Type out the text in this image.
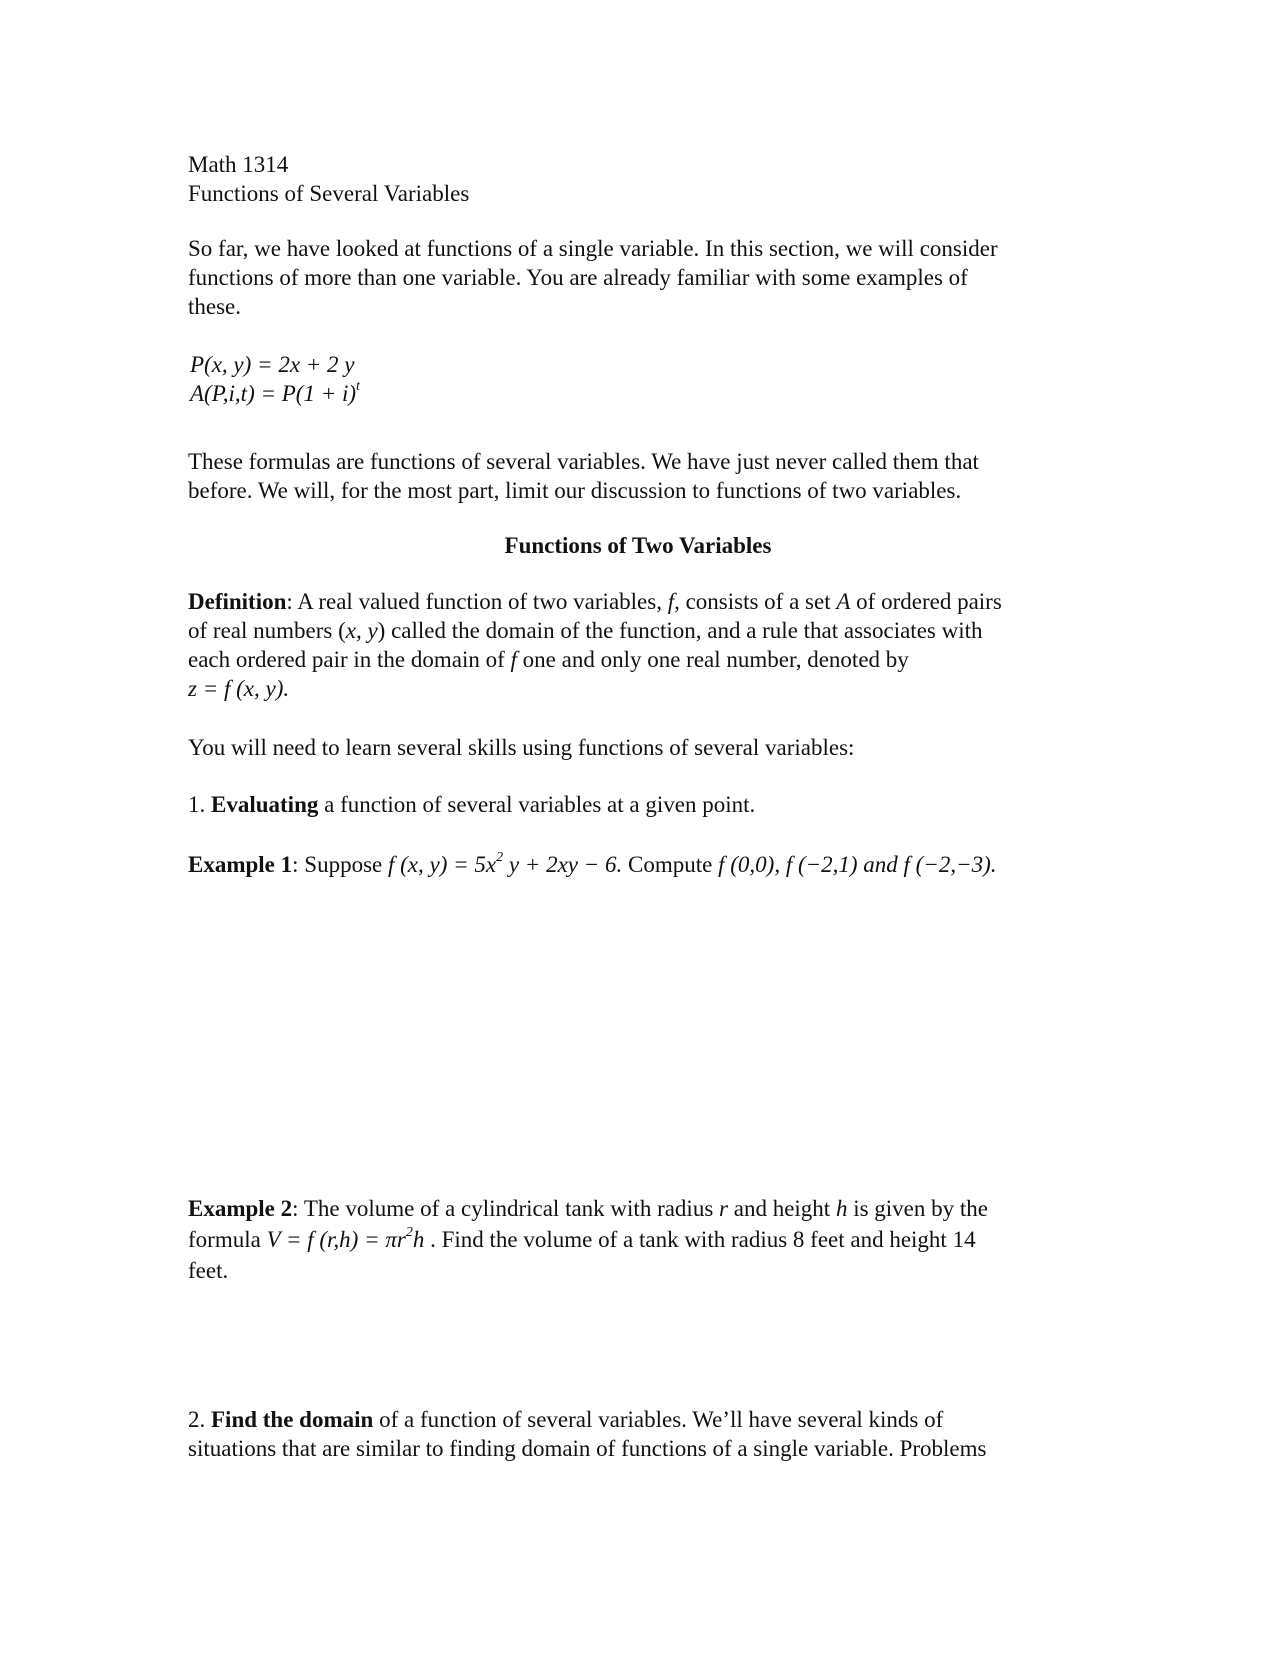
Math 1314
Functions of Several Variables
So far, we have looked at functions of a single variable. In this section, we will consider
functions of more than one variable. You are already familiar with some examples of
these.
P(x, y) = 2x + 2 y
$A(P,i,t) = P(1 + i)^t$
These formulas are functions of several variables. We have just never called them that
before. We will, for the most part, limit our discussion to functions of two variables.
Functions of Two Variables
Definition: A real valued function of two variables, f, consists of a set A of ordered pairs
of real numbers (x, y) called the domain of the function, and a rule that associates with
each ordered pair in the domain of f one and only one real number, denoted by
z = f (x, y).
You will need to learn several skills using functions of several variables:
1. Evaluating a function of several variables at a given point.
Example 1: Suppose f (x, $y) = 5x^2$ y + 2xy − 6. Compute f (0,0), f (−2,1) and f (−2,−3).
Example 2: The volume of a cylindrical tank with radius r and height h is given by the
formula V = f $(r,h) = \pi r^2h$ . Find the volume of a tank with radius 8 feet and height 14
feet.
2. Find the domain of a function of several variables. We’ll have several kinds of
situations that are similar to finding domain of functions of a single variable. Problems
